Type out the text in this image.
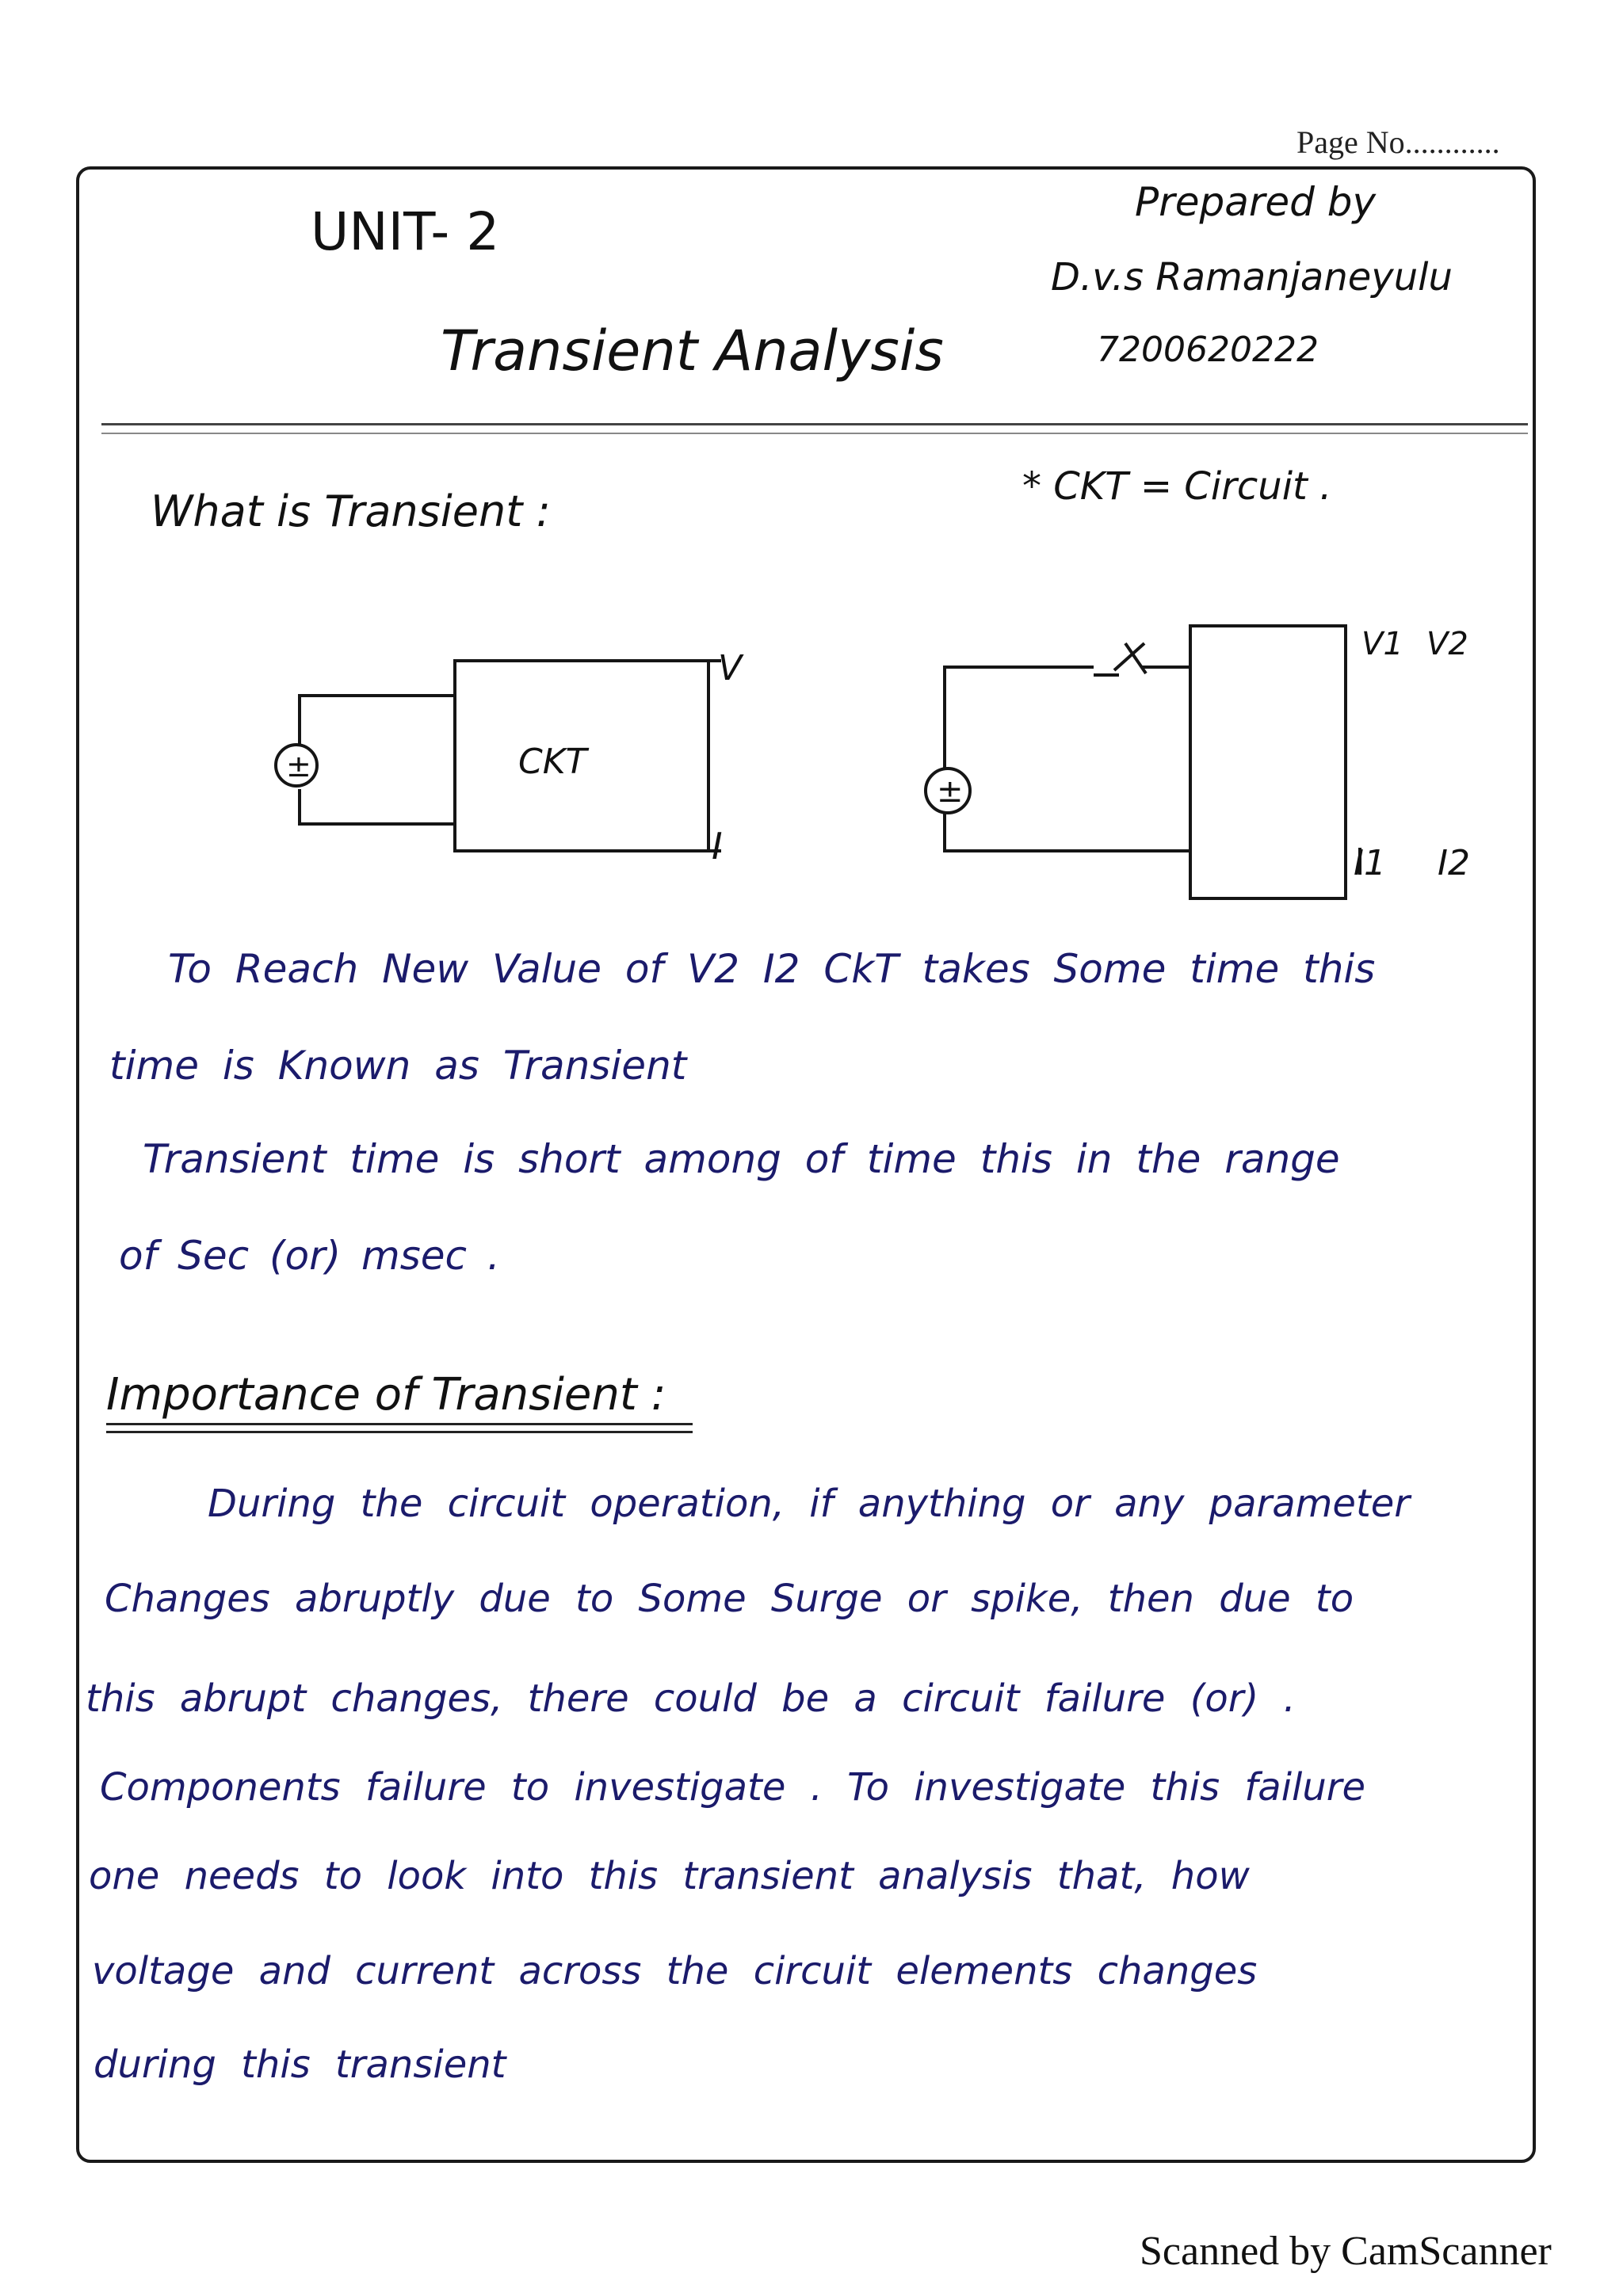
Page No............
UNIT- 2
Transient Analysis
Prepared by
D.v.s Ramanjaneyulu
7200620222
What is Transient :	* CKT = Circuit .
±	CKT
V
I
±
V1 V2
I1 I2
To Reach New Value of V2 I2 CkT takes Some time this
time is Known as Transient
Transient time is short among of time this in the range
of Sec (or) msec .
Importance of Transient :
During the circuit operation, if anything or any parameter
Changes abruptly due to Some Surge or spike, then due to
this abrupt changes, there could be a circuit failure (or) .
Components failure to investigate . To investigate this failure
one needs to look into this transient analysis that, how
voltage and current across the circuit elements changes
during this transient
Scanned by CamScanner
